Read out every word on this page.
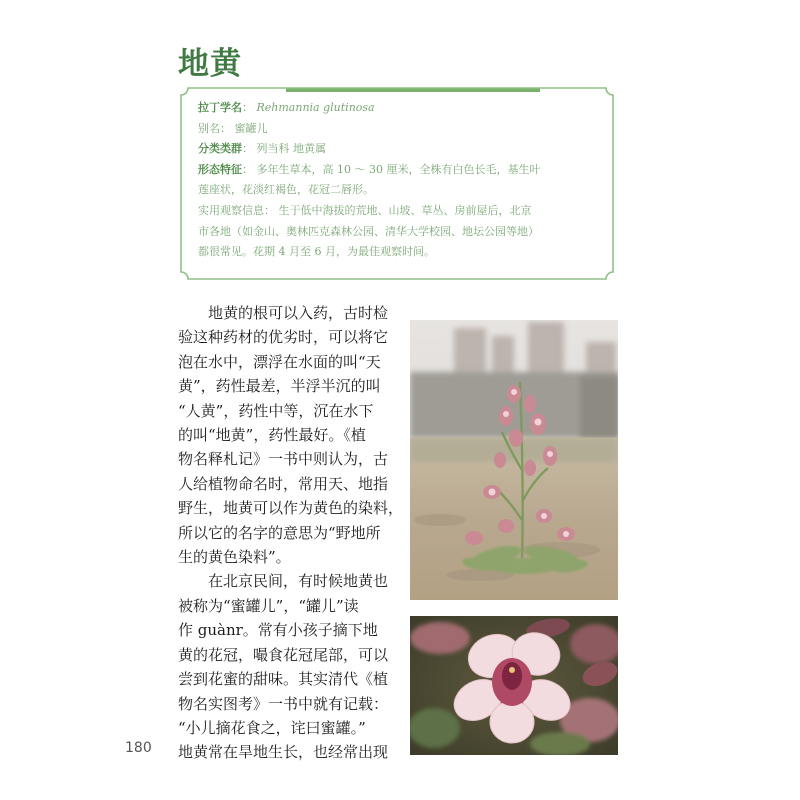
地黄

拉丁学名： Rehmannia glutinosa

别名： 蜜罐儿

分类类群： 列当科 地黄属

形态特征： 多年生草本，高 10 ～ 30 厘米，全株有白色长毛，基生叶

莲座状，花淡红褐色，花冠二唇形。

实用观察信息： 生于低中海拔的荒地、山坡、草丛、房前屋后，北京

市各地（如金山、奥林匹克森林公园、清华大学校园、地坛公园等地）

都很常见。花期 4 月至 6 月，为最佳观察时间。

　　地黄的根可以入药，古时检

验这种药材的优劣时，可以将它

泡在水中，漂浮在水面的叫“天

黄”，药性最差，半浮半沉的叫

“人黄”，药性中等，沉在水下

的叫“地黄”，药性最好。《植

物名释札记》一书中则认为，古

人给植物命名时，常用天、地指

野生，地黄可以作为黄色的染料，

所以它的名字的意思为“野地所

生的黄色染料”。

　　在北京民间，有时候地黄也

被称为“蜜罐儿”，“罐儿”读

作 guànr。常有小孩子摘下地

黄的花冠，嘬食花冠尾部，可以

尝到花蜜的甜味。其实清代《植

物名实图考》一书中就有记载：

“小儿摘花食之，诧曰蜜罐。”

地黄常在旱地生长，也经常出现

180
